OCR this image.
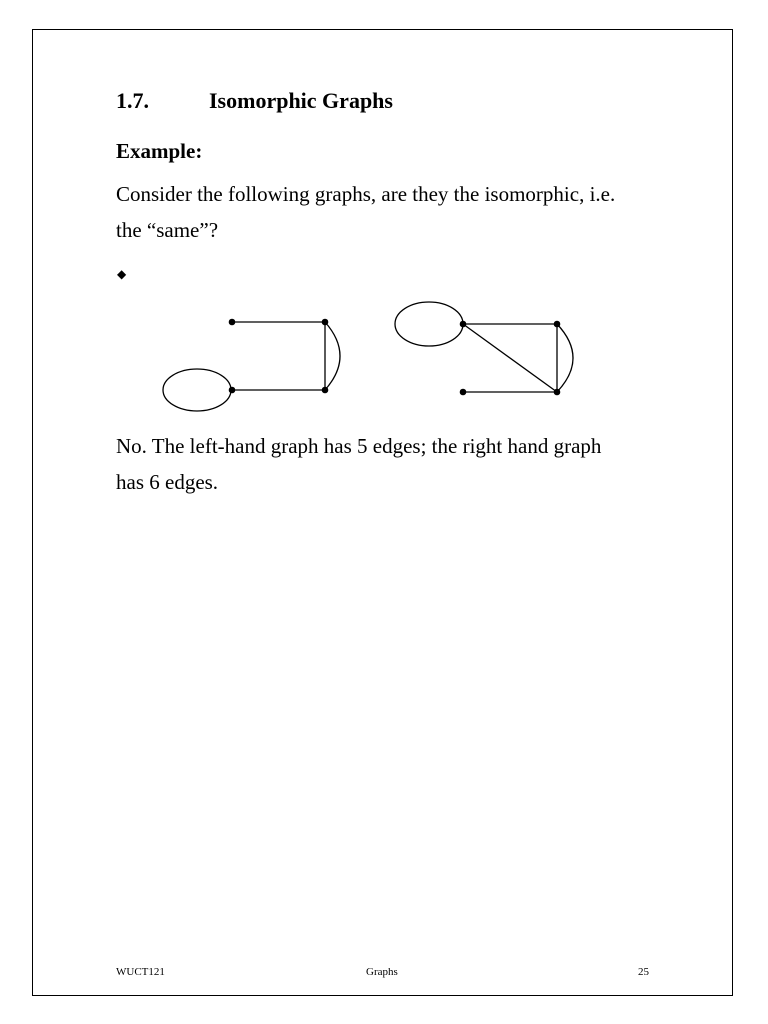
1.7.	Isomorphic Graphs
Example:
Consider the following graphs, are they the isomorphic, i.e.
the “same”?
◆
No. The left-hand graph has 5 edges; the right hand graph
has 6 edges.
WUCT121	Graphs	25
